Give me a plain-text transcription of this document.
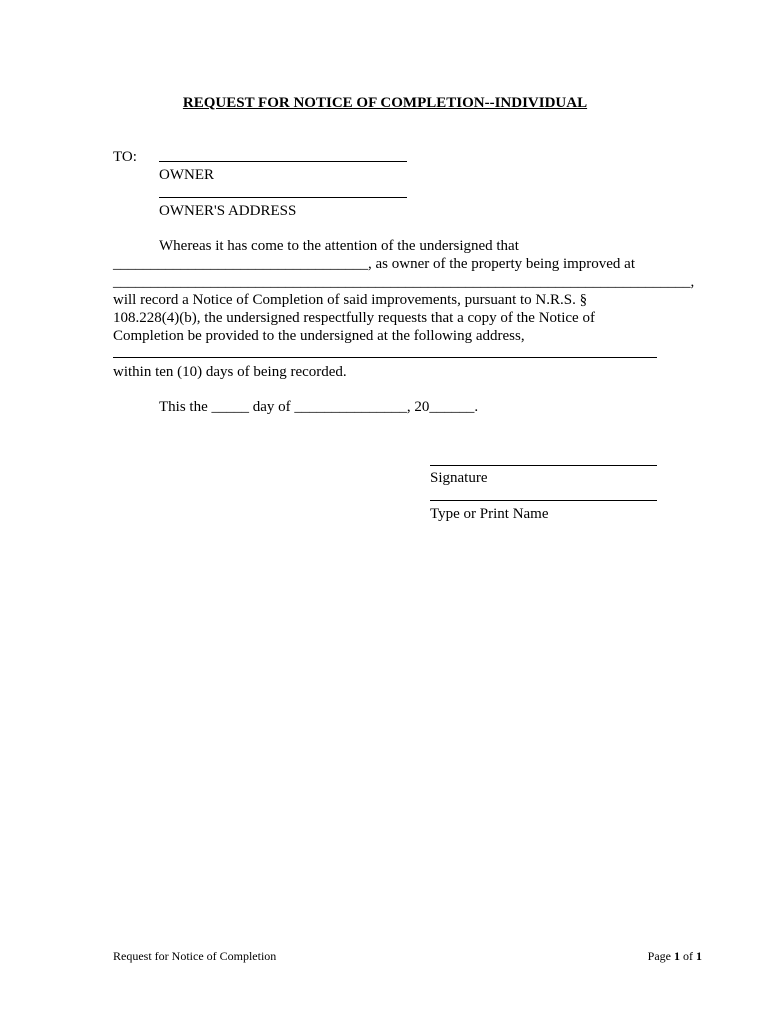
REQUEST FOR NOTICE OF COMPLETION--INDIVIDUAL
TO:
OWNER
OWNER'S ADDRESS
Whereas it has come to the attention of the undersigned that
__________________________________, as owner of the property being improved at
_____________________________________________________________________________,
will record a Notice of Completion of said improvements, pursuant to N.R.S. §
108.228(4)(b), the undersigned respectfully requests that a copy of the Notice of
Completion be provided to the undersigned at the following address,
within ten (10) days of being recorded.
This the _____ day of _______________, 20______.
Signature
Type or Print Name
Request for Notice of Completion	Page 1 of 1
